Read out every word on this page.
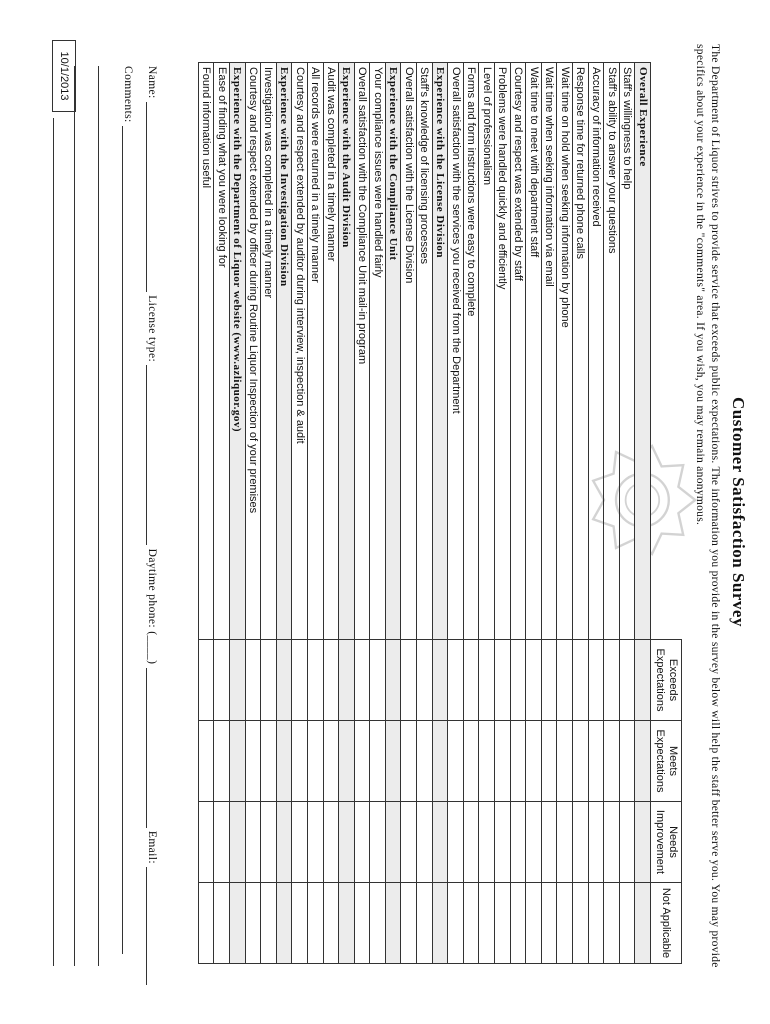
Customer Satisfaction Survey
The Department of Liquor strives to provide service that exceeds public expectations. The information you provide in the survey below will help the staff better serve you. You may provide specifics about your experience in the "comments" area. If you wish, you may remain anonymous.
	Exceeds Expectations	Meets Expectations	Needs Improvement	Not Applicable
Overall Experience				
Staff's willingness to help				
Staff's ability to answer your questions				
Accuracy of information received				
Response time for returned phone calls				
Wait time on hold when seeking information by phone				
Wait time when seeking information via email				
Wait time to meet with department staff				
Courtesy and respect was extended by staff				
Problems were handled quickly and efficiently				
Level of professionalism				
Forms and form instructions were easy to complete				
Overall satisfaction with the services you received from the Department				
Experience with the License Division				
Staff's knowledge of licensing processes				
Overall satisfaction with the License Division				
Experience with the Compliance Unit				
Your compliance issues were handled fairly				
Overall satisfaction with the Compliance Unit mail-in program				
Experience with the Audit Division				
Audit was completed in a timely manner				
All records were returned in a timely manner				
Courtesy and respect extended by auditor during interview, inspection & audit				
Experience with the Investigation Division				
Investigation was completed in a timely manner				
Courtesy and respect extended by officer during Routine Liquor Inspection of your premises				
Experience with the Department of Liquor website (www.azliquor.gov)				
Ease of finding what you were looking for				
Found information useful				
Name:  License type:  Daytime phone: (____)  Email:
Comments:
10/1/2013
